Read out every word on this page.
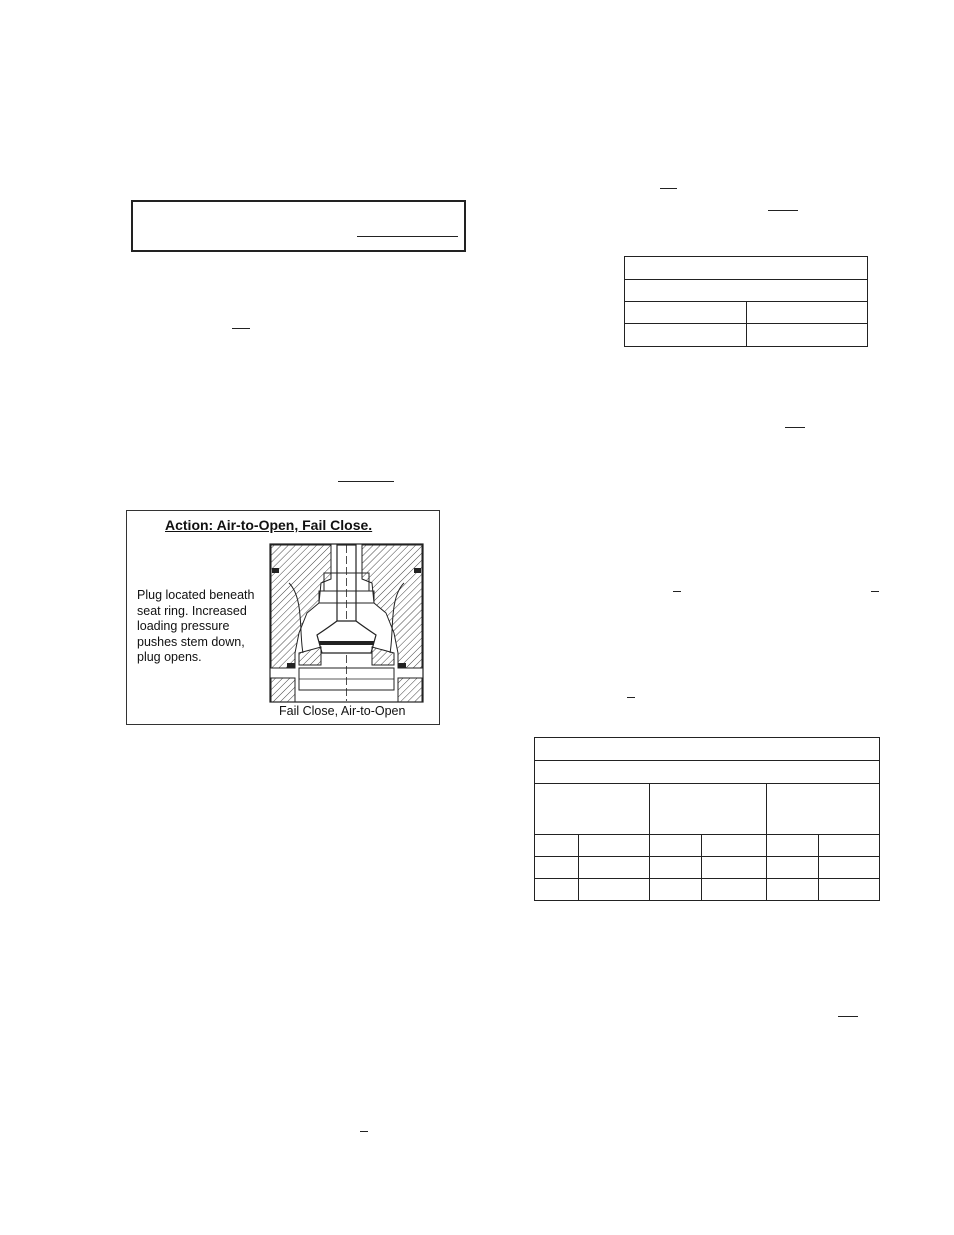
Action: Air-to-Open, Fail Close.
Plug located beneath seat ring. Increased loading pressure pushes stem down, plug opens.
Fail Close, Air-to-Open
